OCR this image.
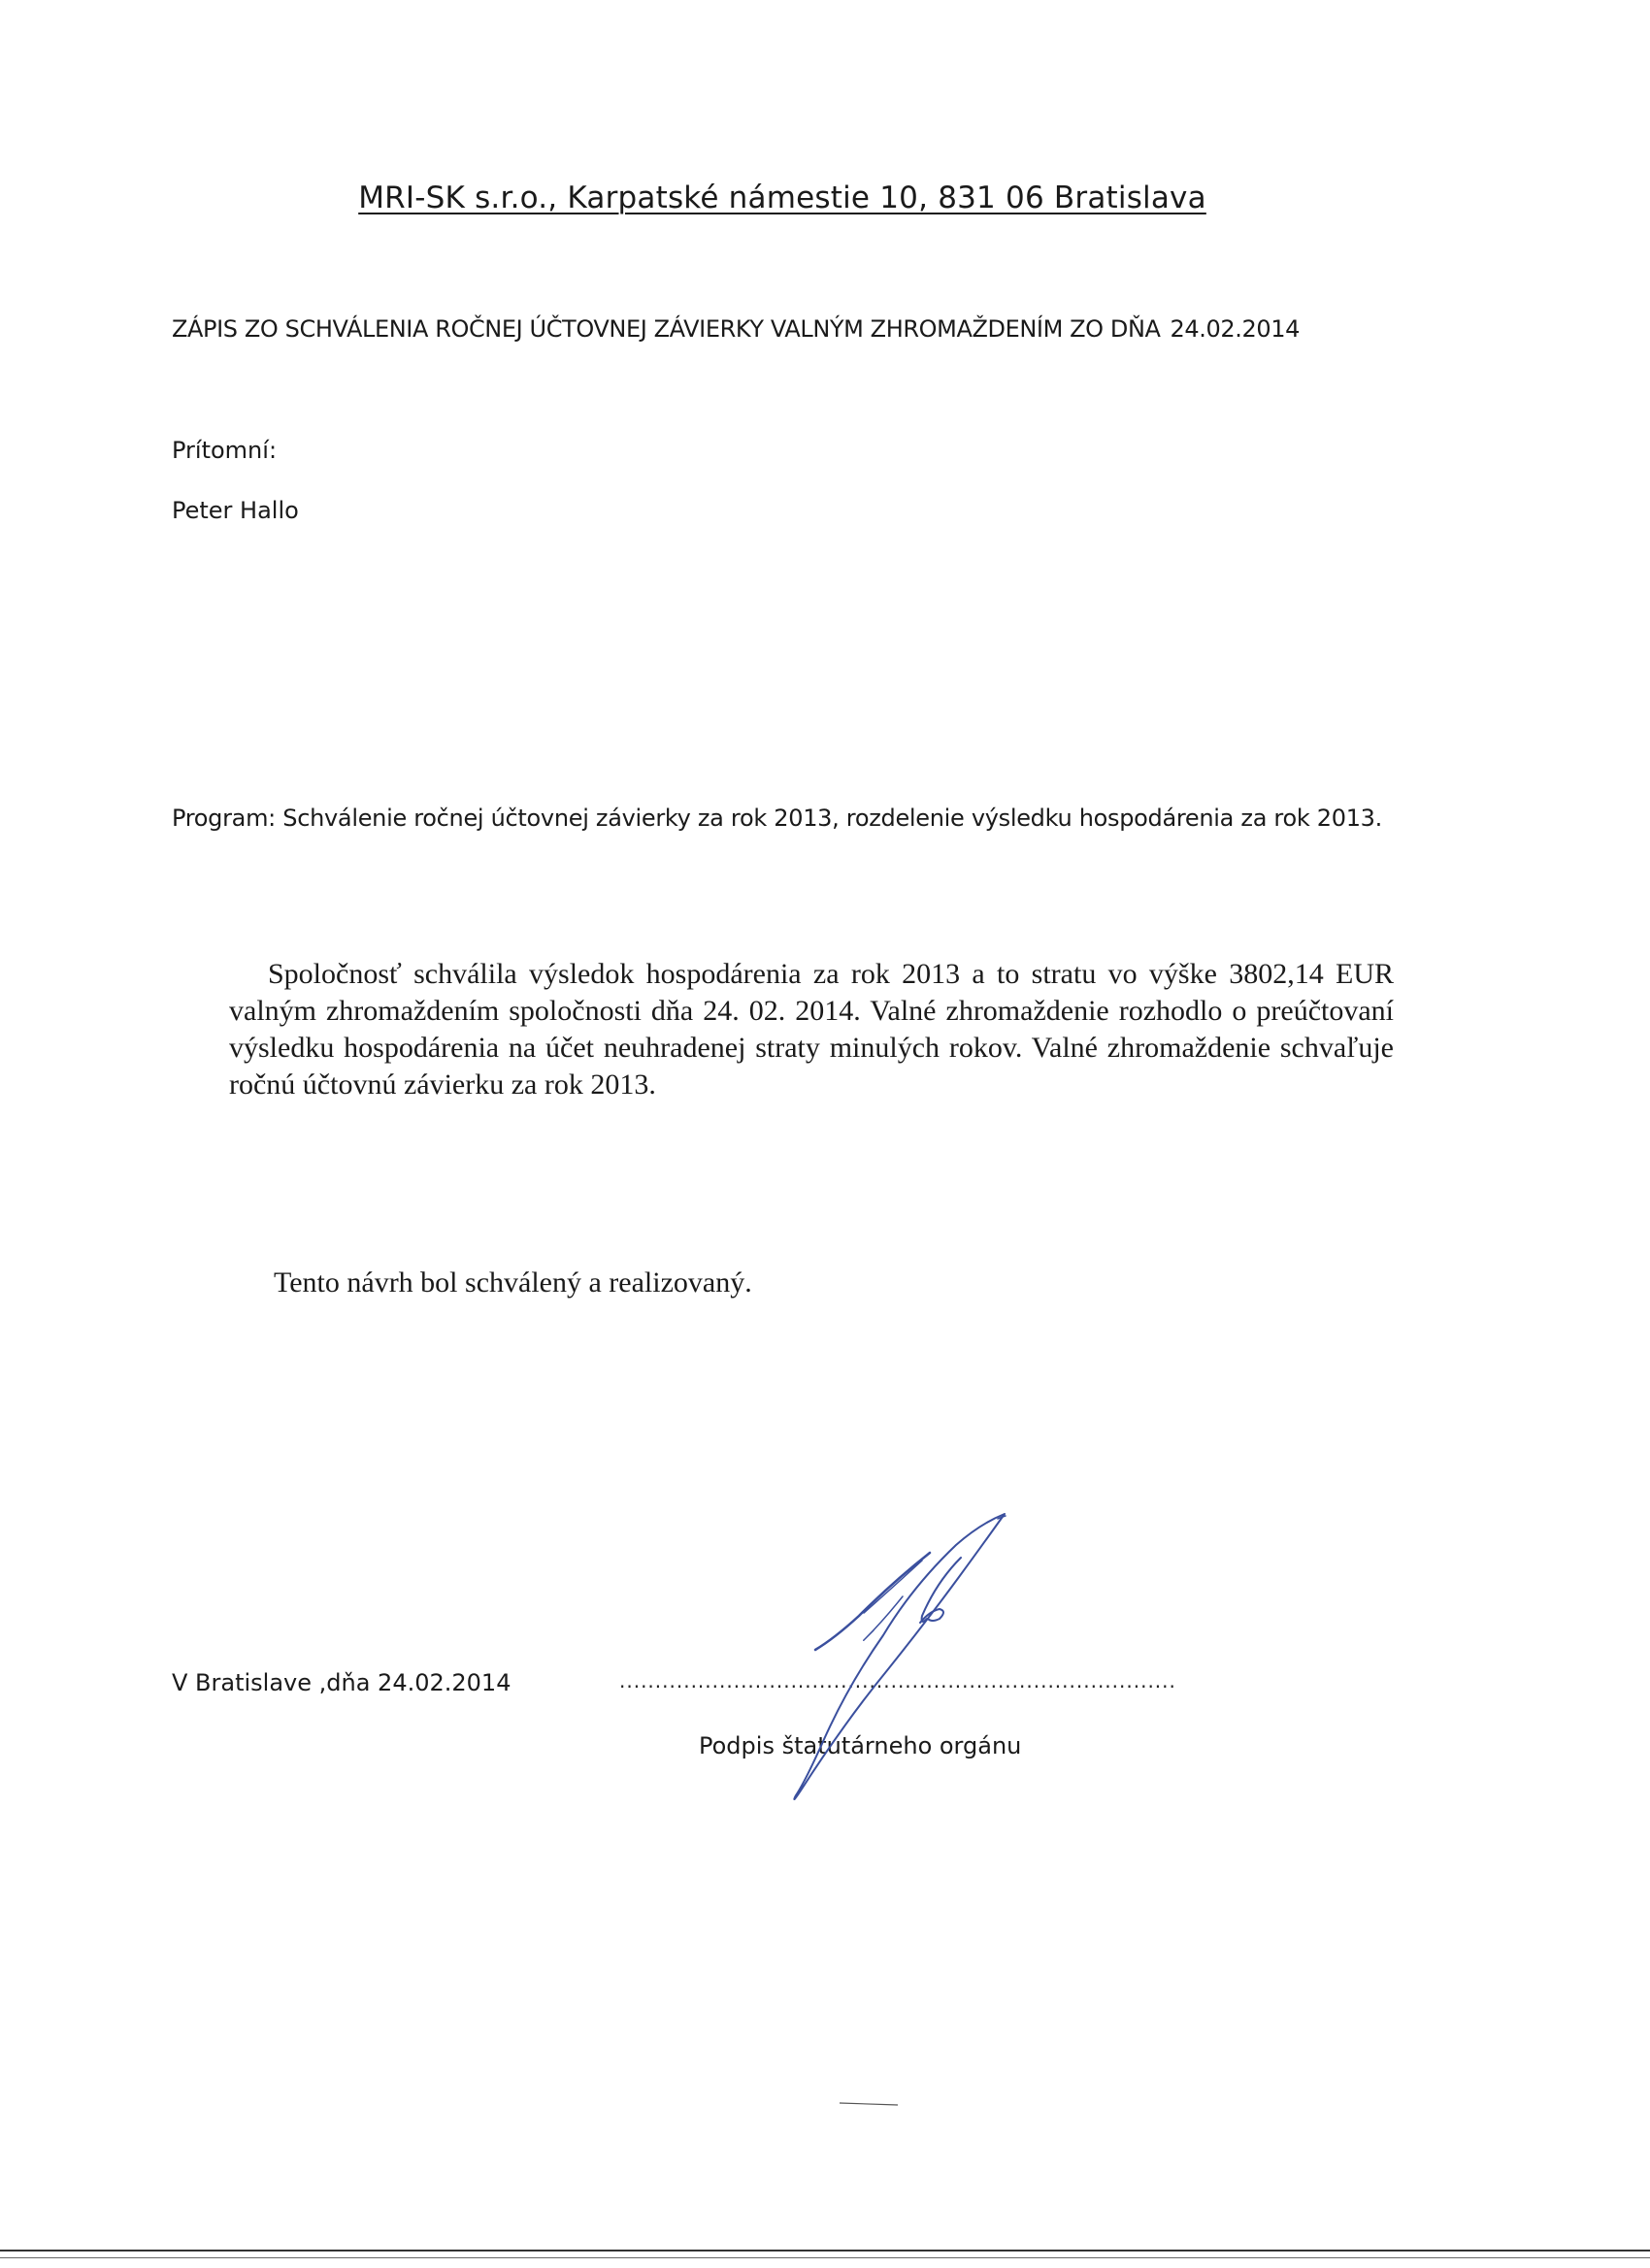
MRI-SK s.r.o., Karpatské námestie 10, 831 06 Bratislava
ZÁPIS ZO SCHVÁLENIA ROČNEJ ÚČTOVNEJ ZÁVIERKY VALNÝM ZHROMAŽDENÍM ZO DŇA 24.02.2014
Prítomní:
Peter Hallo
Program: Schválenie ročnej účtovnej závierky za rok 2013, rozdelenie výsledku hospodárenia za rok 2013.
Spoločnosť schválila výsledok hospodárenia za rok 2013 a to stratu vo výške 3802,14 EUR valným zhromaždením spoločnosti dňa 24. 02. 2014. Valné zhromaždenie rozhodlo o preúčtovaní výsledku hospodárenia na účet neuhradenej straty minulých rokov. Valné zhromaždenie schvaľuje ročnú účtovnú závierku za rok 2013.
Tento návrh bol schválený a realizovaný.
V Bratislave ,dňa 24.02.2014	..............................................................................
Podpis štatutárneho orgánu
